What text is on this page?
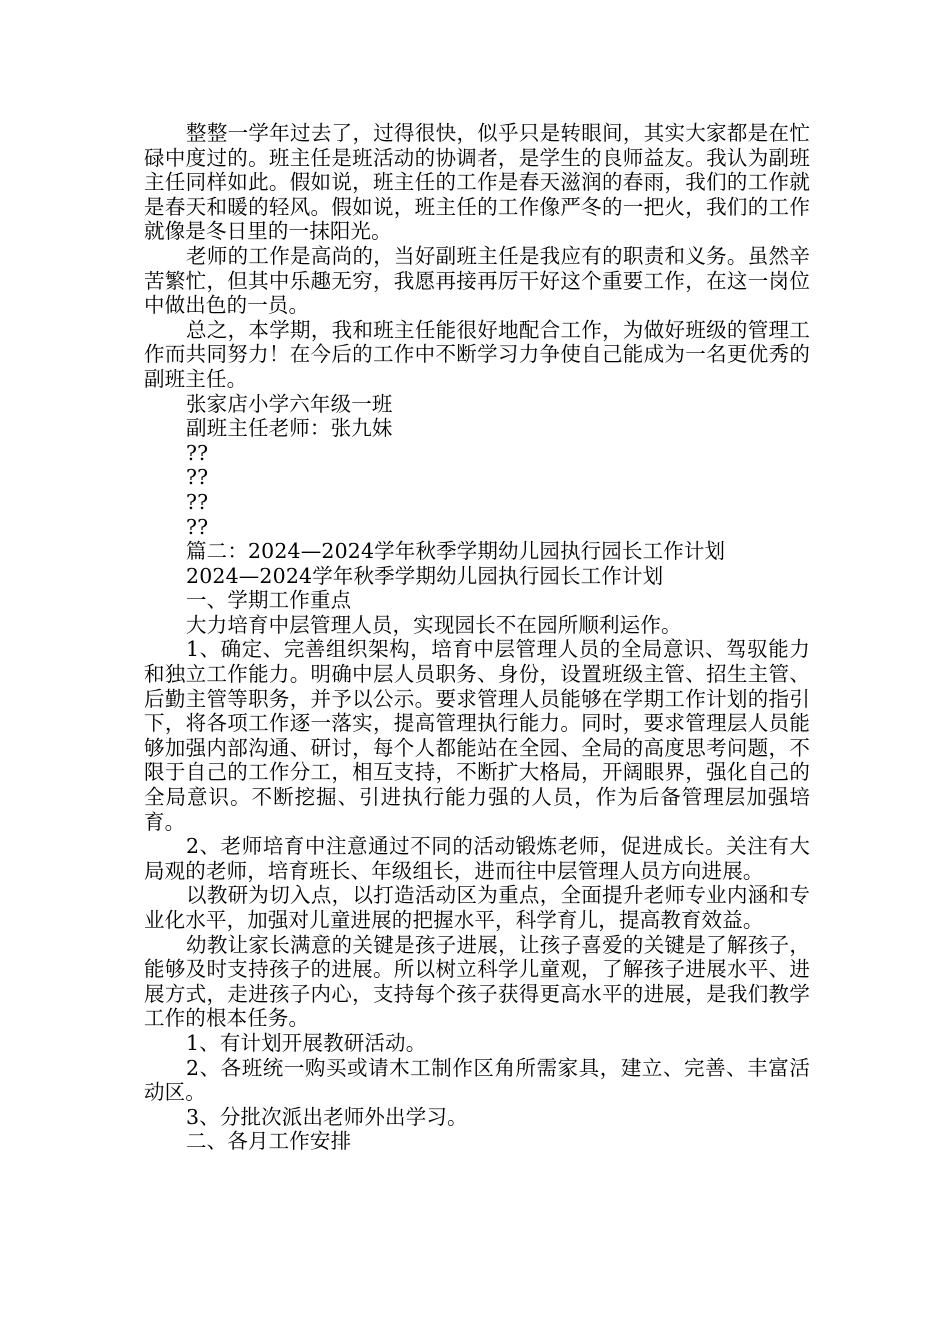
整整一学年过去了，过得很快，似乎只是转眼间，其实大家都是在忙碌中度过的。班主任是班活动的协调者，是学生的良师益友。我认为副班主任同样如此。假如说，班主任的工作是春天滋润的春雨，我们的工作就是春天和暖的轻风。假如说，班主任的工作像严冬的一把火，我们的工作就像是冬日里的一抹阳光。

老师的工作是高尚的，当好副班主任是我应有的职责和义务。虽然辛苦繁忙，但其中乐趣无穷，我愿再接再厉干好这个重要工作，在这一岗位中做出色的一员。

总之，本学期，我和班主任能很好地配合工作，为做好班级的管理工作而共同努力！在今后的工作中不断学习力争使自己能成为一名更优秀的副班主任。

张家店小学六年级一班

副班主任老师：张九妹

??

??

??

??

篇二：2024—2024学年秋季学期幼儿园执行园长工作计划

2024—2024学年秋季学期幼儿园执行园长工作计划

一、学期工作重点

大力培育中层管理人员，实现园长不在园所顺利运作。

1、确定、完善组织架构，培育中层管理人员的全局意识、驾驭能力和独立工作能力。明确中层人员职务、身份，设置班级主管、招生主管、后勤主管等职务，并予以公示。要求管理人员能够在学期工作计划的指引下，将各项工作逐一落实，提高管理执行能力。同时，要求管理层人员能够加强内部沟通、研讨，每个人都能站在全园、全局的高度思考问题，不限于自己的工作分工，相互支持，不断扩大格局，开阔眼界，强化自己的全局意识。不断挖掘、引进执行能力强的人员，作为后备管理层加强培育。

2、老师培育中注意通过不同的活动锻炼老师，促进成长。关注有大局观的老师，培育班长、年级组长，进而往中层管理人员方向进展。

以教研为切入点，以打造活动区为重点，全面提升老师专业内涵和专业化水平，加强对儿童进展的把握水平，科学育儿，提高教育效益。

幼教让家长满意的关键是孩子进展，让孩子喜爱的关键是了解孩子，能够及时支持孩子的进展。所以树立科学儿童观，了解孩子进展水平、进展方式，走进孩子内心，支持每个孩子获得更高水平的进展，是我们教学工作的根本任务。

1、有计划开展教研活动。

2、各班统一购买或请木工制作区角所需家具，建立、完善、丰富活动区。

3、分批次派出老师外出学习。

二、各月工作安排
